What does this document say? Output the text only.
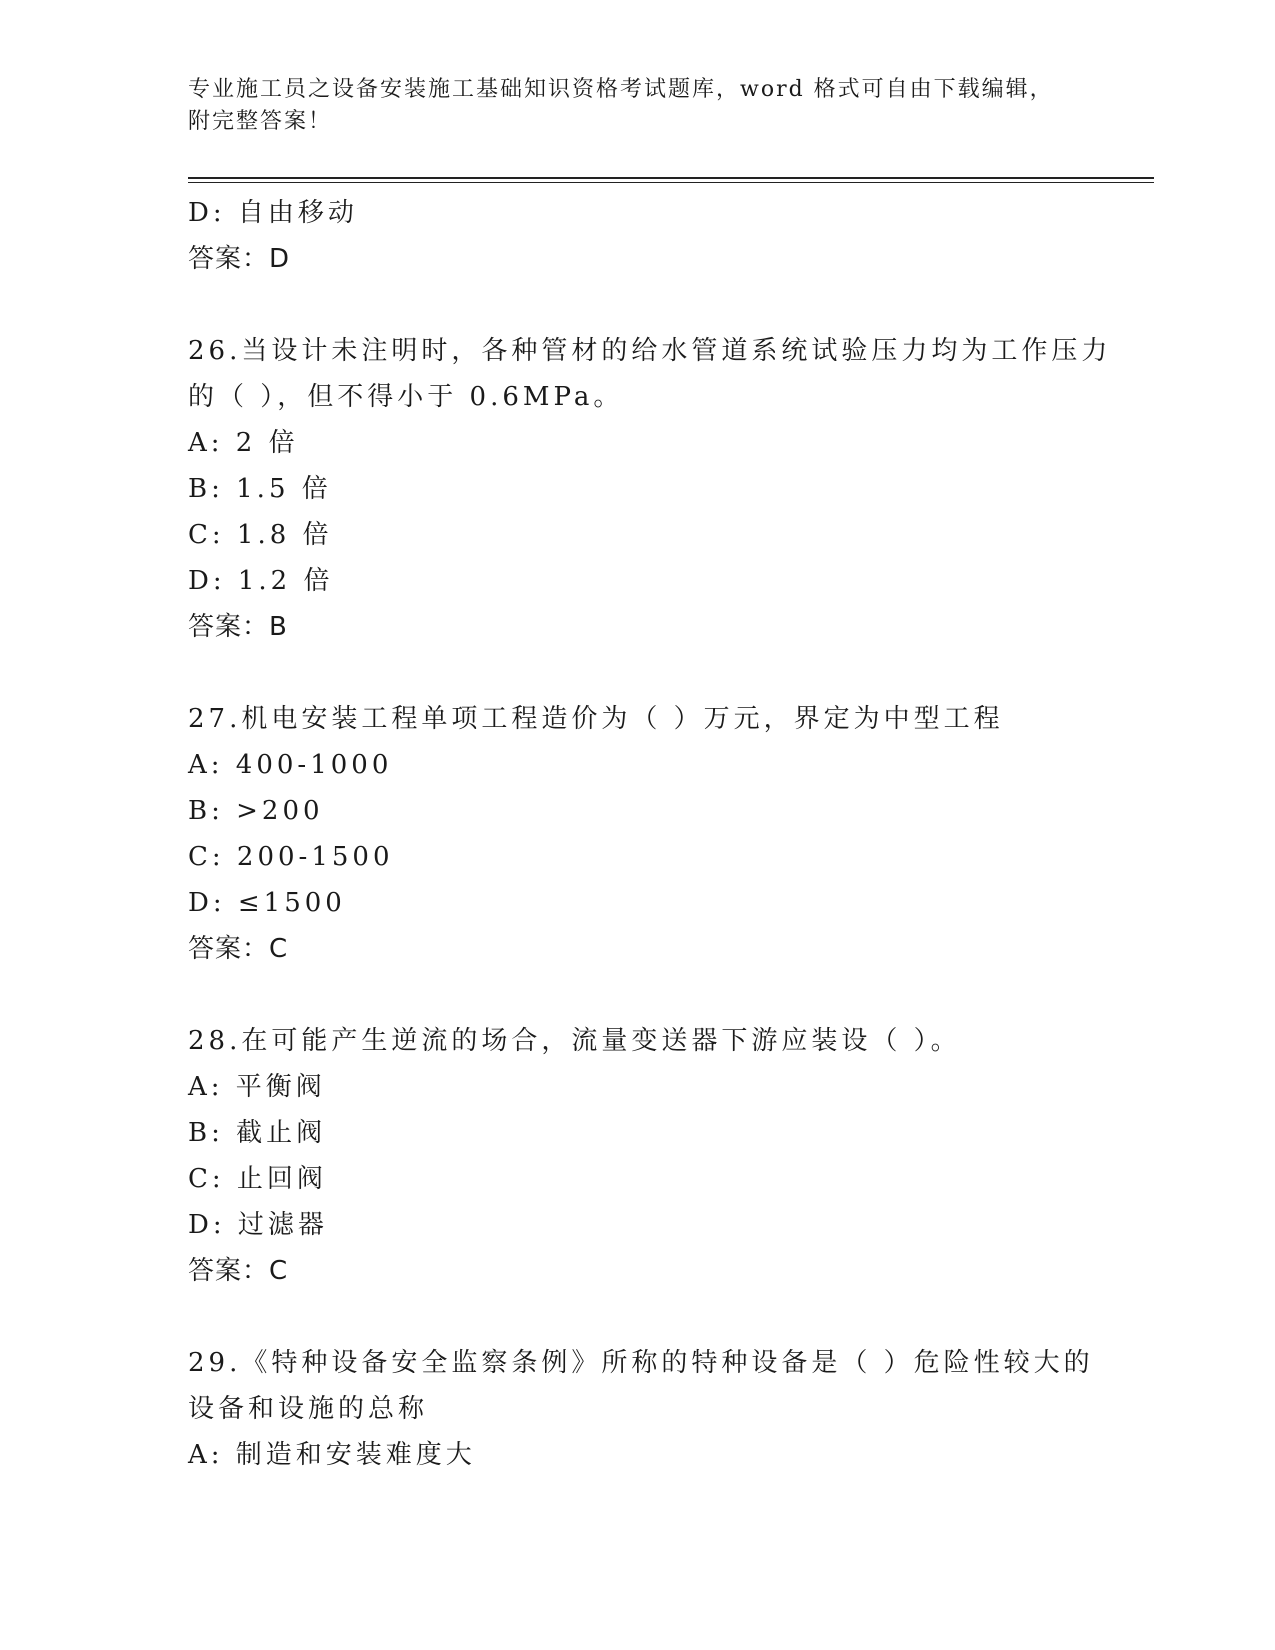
专业施工员之设备安装施工基础知识资格考试题库，word 格式可自由下载编辑，
附完整答案！
D: 自由移动
答案：D
26.当设计未注明时，各种管材的给水管道系统试验压力均为工作压力
的（ ），但不得小于 0.6MPa。
A: 2 倍
B: 1.5 倍
C: 1.8 倍
D: 1.2 倍
答案：B
27.机电安装工程单项工程造价为（ ）万元，界定为中型工程
A: 400-1000
B: >200
C: 200-1500
D: ≤1500
答案：C
28.在可能产生逆流的场合，流量变送器下游应装设（ ）。
A: 平衡阀
B: 截止阀
C: 止回阀
D: 过滤器
答案：C
29.《特种设备安全监察条例》所称的特种设备是（ ）危险性较大的
设备和设施的总称
A: 制造和安装难度大
